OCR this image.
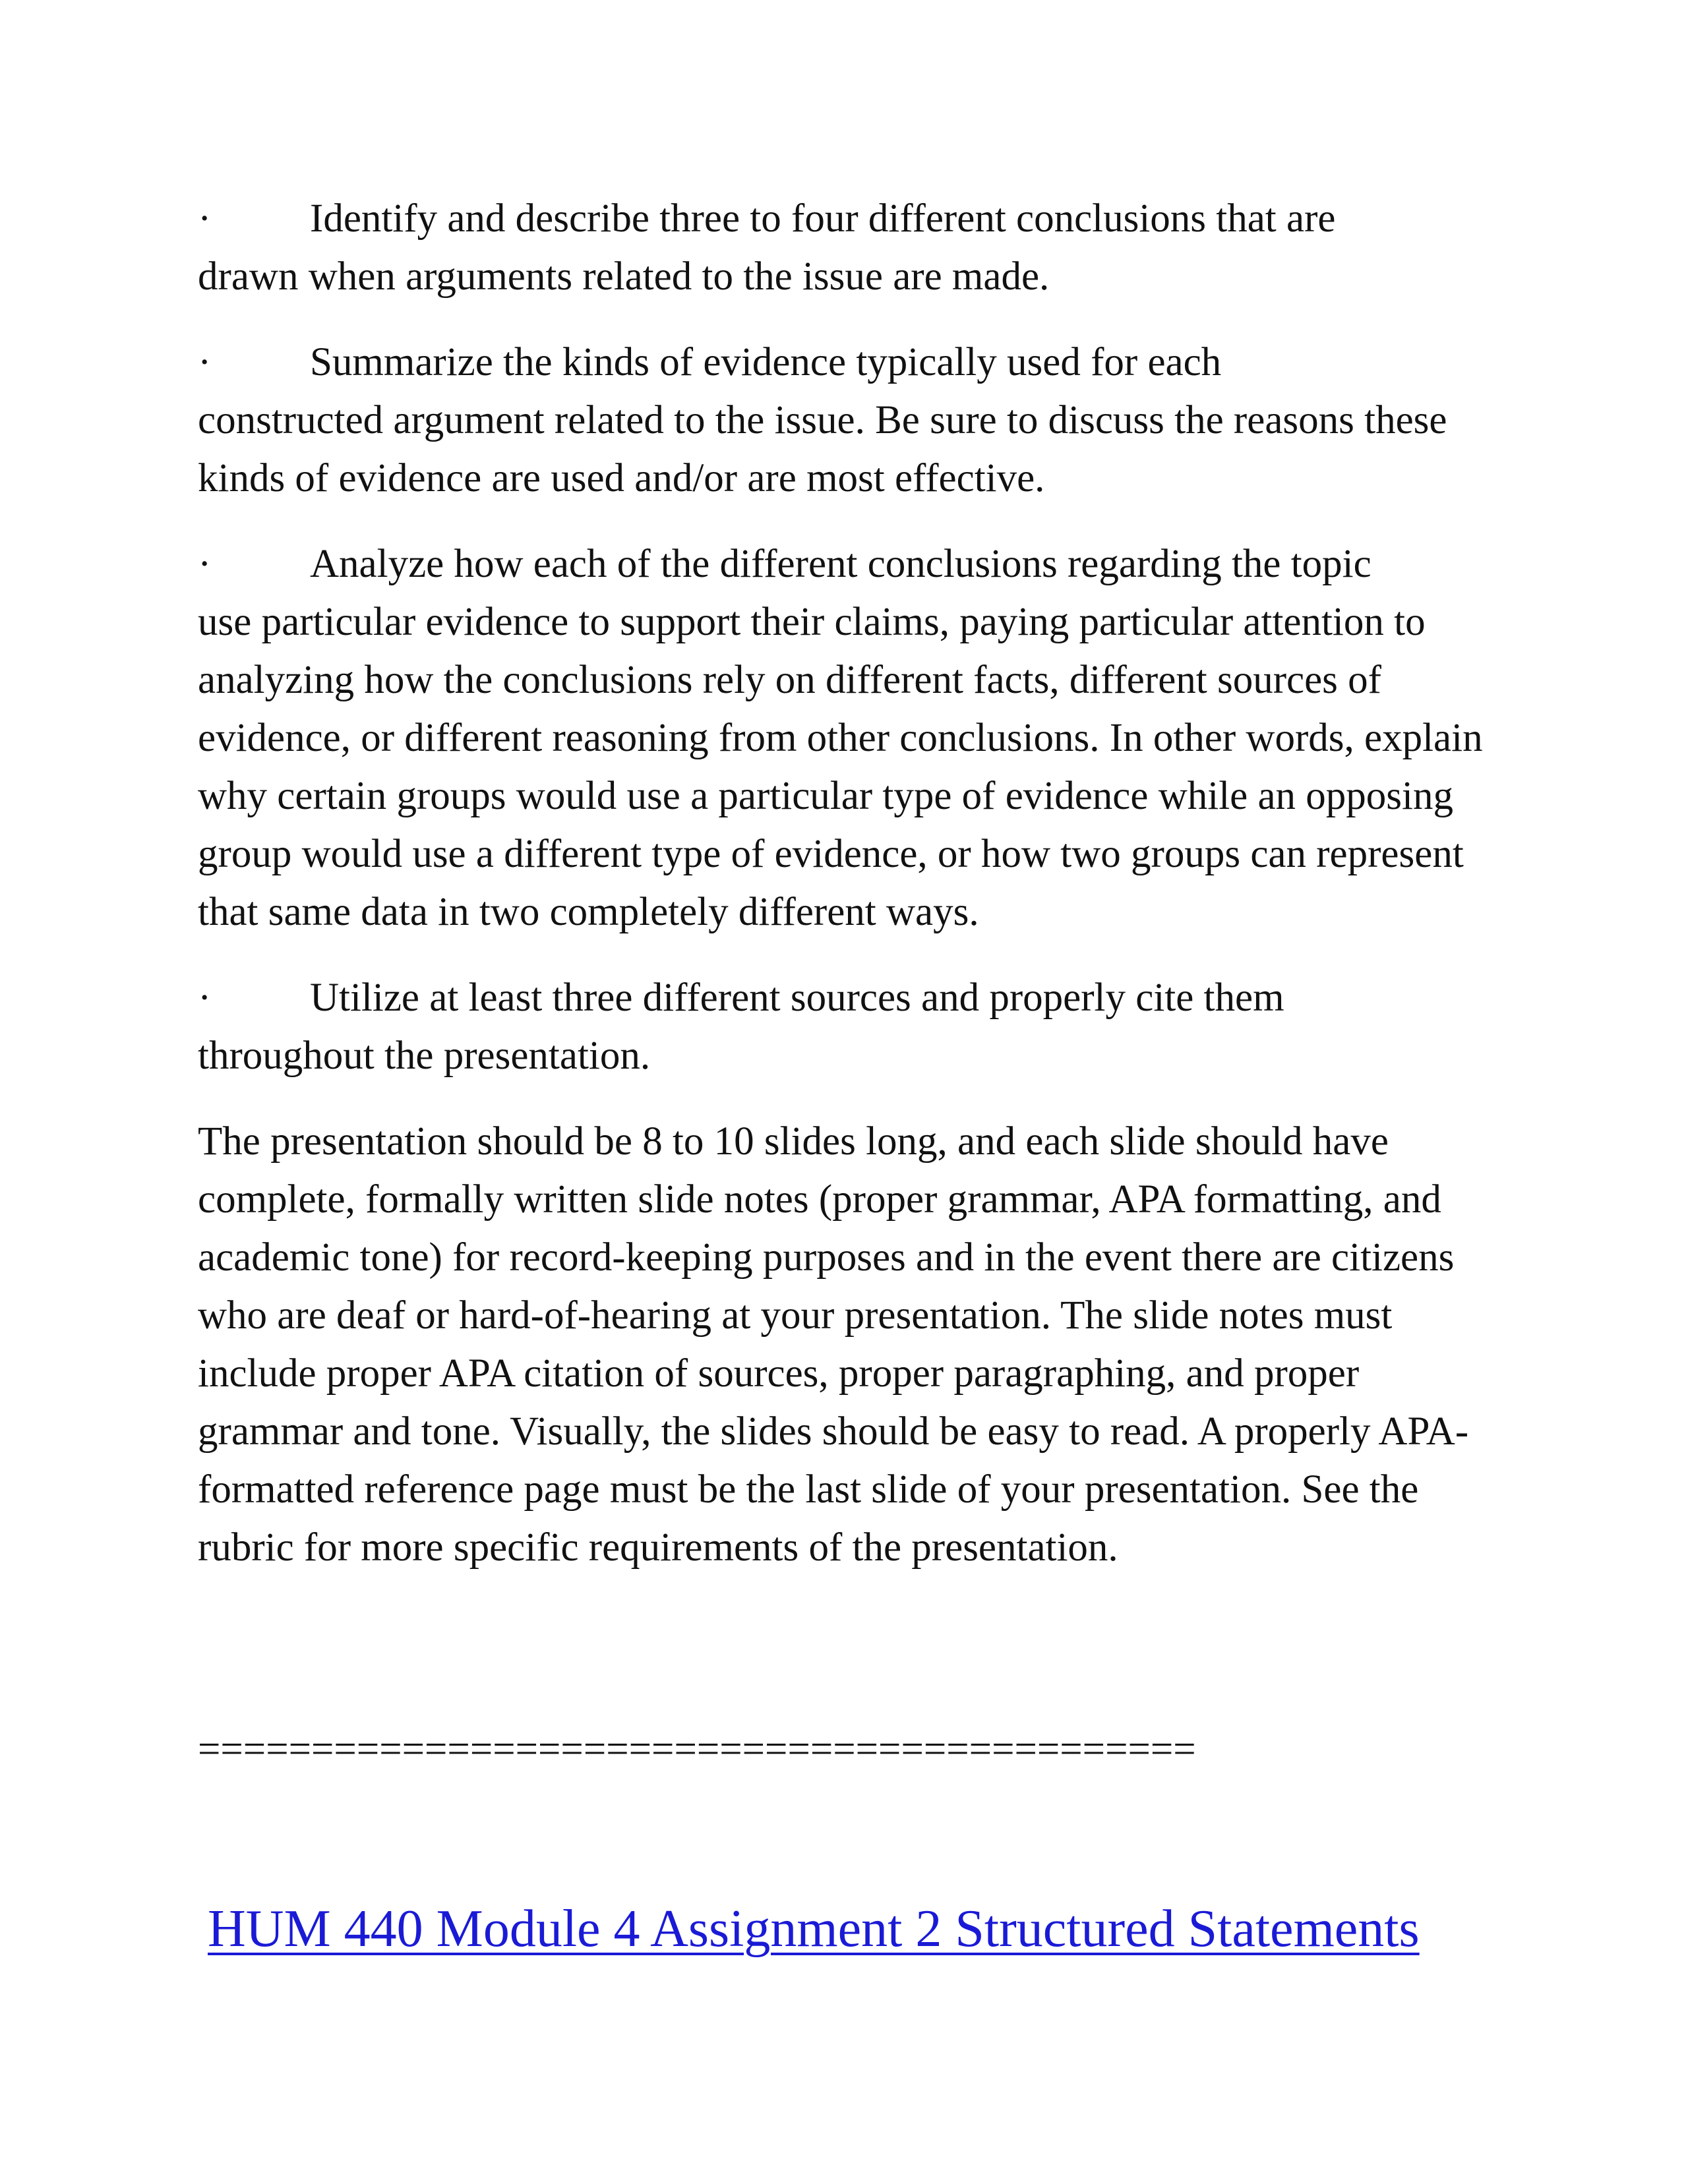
· Identify and describe three to four different conclusions that are
drawn when arguments related to the issue are made.

· Summarize the kinds of evidence typically used for each
constructed argument related to the issue. Be sure to discuss the reasons these kinds of evidence are used and/or are most effective.

· Analyze how each of the different conclusions regarding the topic
use particular evidence to support their claims, paying particular attention to analyzing how the conclusions rely on different facts, different sources of evidence, or different reasoning from other conclusions. In other words, explain why certain groups would use a particular type of evidence while an opposing group would use a different type of evidence, or how two groups can represent that same data in two completely different ways.

· Utilize at least three different sources and properly cite them
throughout the presentation.

The presentation should be 8 to 10 slides long, and each slide should have complete, formally written slide notes (proper grammar, APA formatting, and academic tone) for record-keeping purposes and in the event there are citizens who are deaf or hard-of-hearing at your presentation. The slide notes must include proper APA citation of sources, proper paragraphing, and proper grammar and tone. Visually, the slides should be easy to read. A properly APA-formatted reference page must be the last slide of your presentation. See the rubric for more specific requirements of the presentation.

============================================
HUM 440 Module 4 Assignment 2 Structured Statements
